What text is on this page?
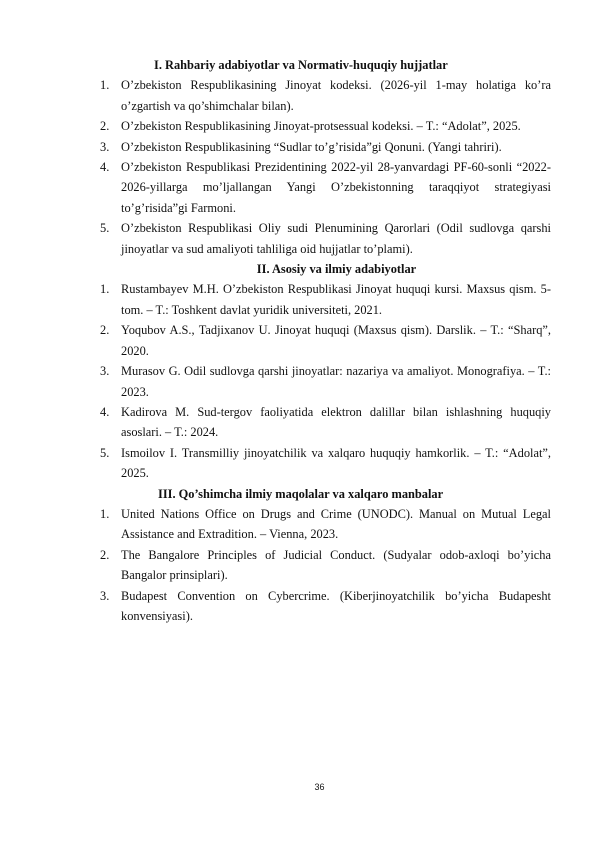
I. Rahbariy adabiyotlar va Normativ-huquqiy hujjatlar

1. O’zbekiston Respublikasining Jinoyat kodeksi. (2026-yil 1-may holatiga ko’ra o’zgartish va qo’shimchalar bilan).
2. O’zbekiston Respublikasining Jinoyat-protsessual kodeksi. – T.: “Adolat”, 2025.
3. O’zbekiston Respublikasining “Sudlar to’g’risida”gi Qonuni. (Yangi tahriri).
4. O’zbekiston Respublikasi Prezidentining 2022-yil 28-yanvardagi PF-60-sonli “2022-2026-yillarga mo’ljallangan Yangi O’zbekistonning taraqqiyot strategiyasi to’g’risida”gi Farmoni.
5. O’zbekiston Respublikasi Oliy sudi Plenumining Qarorlari (Odil sudlovga qarshi jinoyatlar va sud amaliyoti tahliliga oid hujjatlar to’plami).

II. Asosiy va ilmiy adabiyotlar

1. Rustambayev M.H. O’zbekiston Respublikasi Jinoyat huquqi kursi. Maxsus qism. 5-tom. – T.: Toshkent davlat yuridik universiteti, 2021.
2. Yoqubov A.S., Tadjixanov U. Jinoyat huquqi (Maxsus qism). Darslik. – T.: “Sharq”, 2020.
3. Murasov G. Odil sudlovga qarshi jinoyatlar: nazariya va amaliyot. Monografiya. – T.: 2023.
4. Kadirova M. Sud-tergov faoliyatida elektron dalillar bilan ishlashning huquqiy asoslari. – T.: 2024.
5. Ismoilov I. Transmilliy jinoyatchilik va xalqaro huquqiy hamkorlik. – T.: “Adolat”, 2025.

III. Qo’shimcha ilmiy maqolalar va xalqaro manbalar

1. United Nations Office on Drugs and Crime (UNODC). Manual on Mutual Legal Assistance and Extradition. – Vienna, 2023.
2. The Bangalore Principles of Judicial Conduct. (Sudyalar odob-axloqi bo’yicha Bangalor prinsiplari).
3. Budapest Convention on Cybercrime. (Kiberjinoyatchilik bo’yicha Budapesht konvensiyasi).
36
